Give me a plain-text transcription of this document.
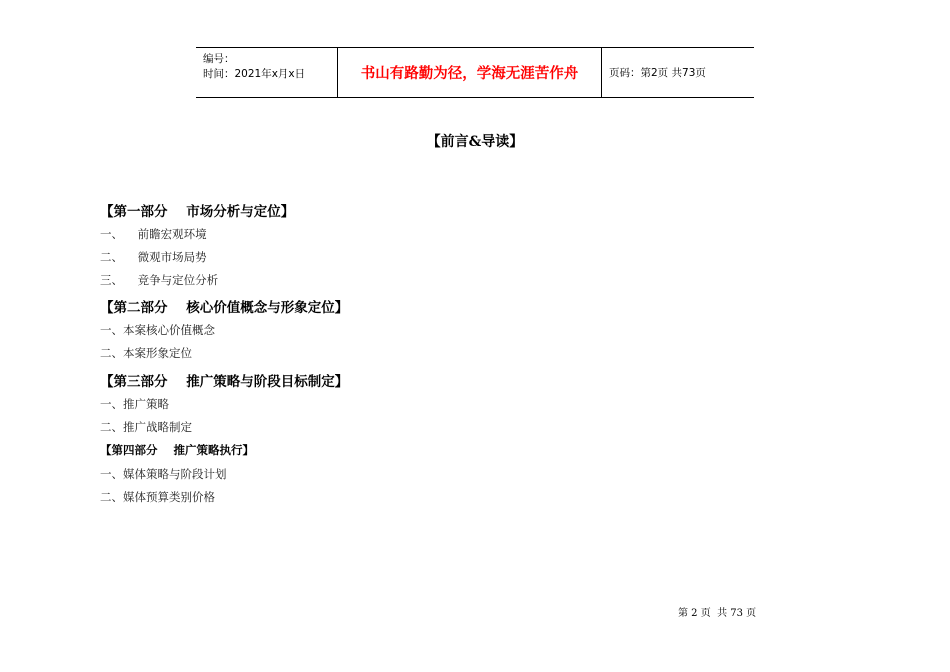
编号：
时间：2021年x月x日	书山有路勤为径，学海无涯苦作舟	页码：第2页 共73页
【前言&导读】
【第一部分    市场分析与定位】
一、    前瞻宏观环境
二、    微观市场局势
三、    竞争与定位分析
【第二部分    核心价值概念与形象定位】
一、本案核心价值概念
二、本案形象定位
【第三部分    推广策略与阶段目标制定】
一、推广策略
二、推广战略制定
【第四部分    推广策略执行】
一、媒体策略与阶段计划
二、媒体预算类别价格
第 2 页  共 73 页
